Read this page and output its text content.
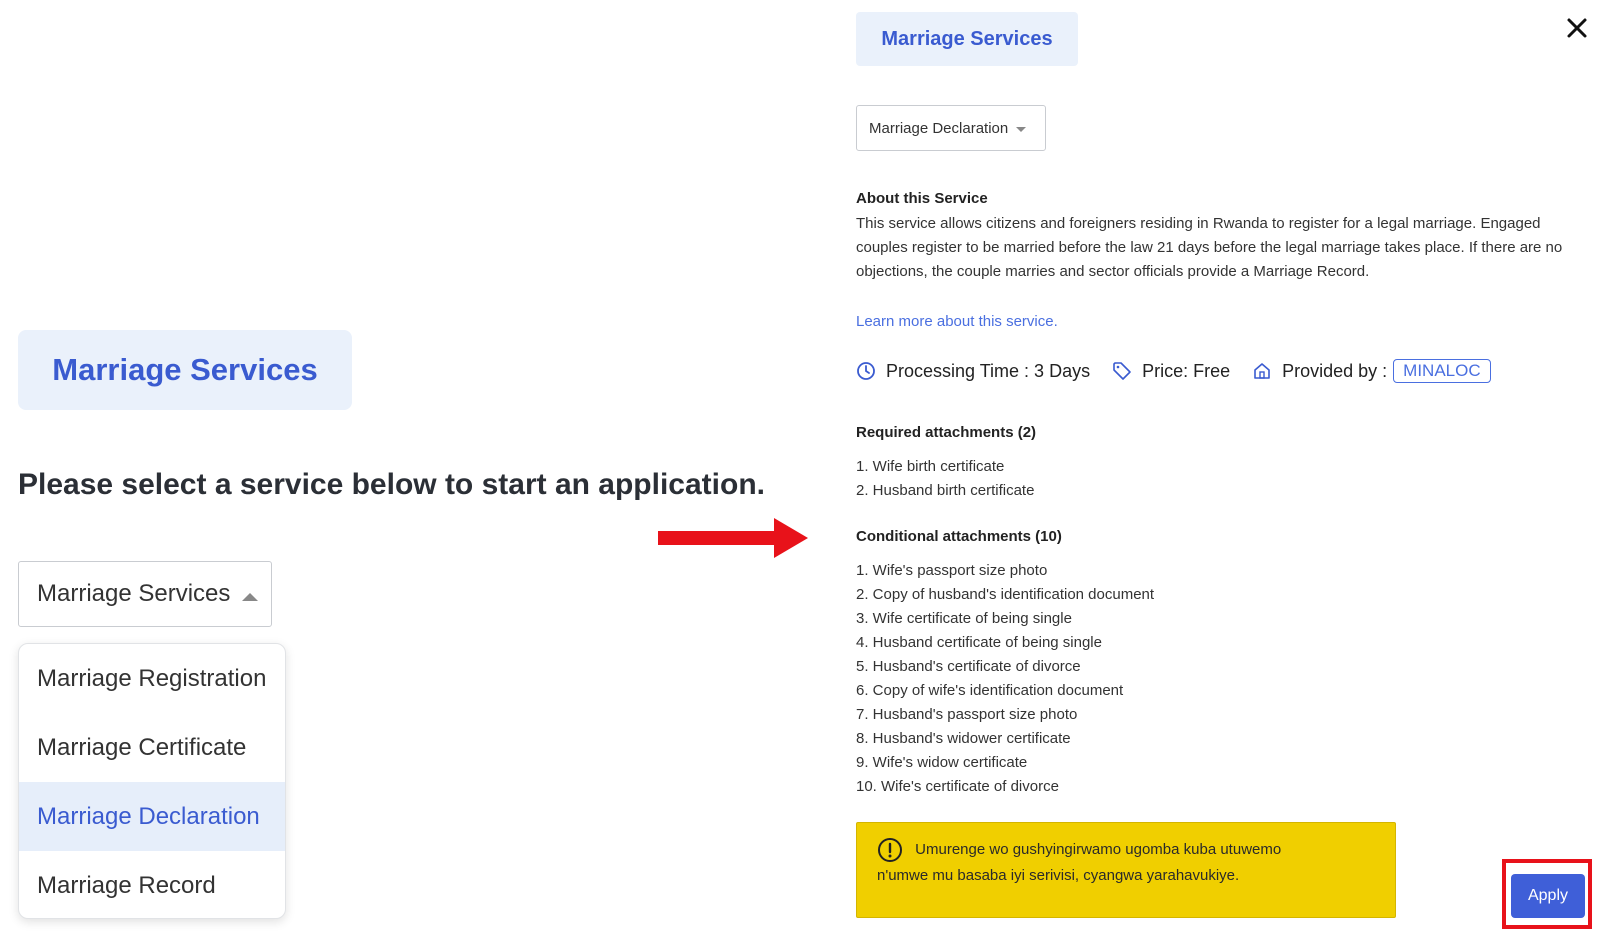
Marriage Services
Please select a service below to start an application.
Marriage Services
Marriage Registration
Marriage Certificate
Marriage Declaration
Marriage Record
Marriage Services
Marriage Declaration
About this Service
This service allows citizens and foreigners residing in Rwanda to register for a legal marriage. Engaged couples register to be married before the law 21 days before the legal marriage takes place. If there are no objections, the couple marries and sector officials provide a Marriage Record.
Learn more about this service.
Processing Time : 3 Days	Price: Free	Provided by : MINALOC
Required attachments (2)
1. Wife birth certificate
2. Husband birth certificate
Conditional attachments (10)
1. Wife's passport size photo
2. Copy of husband's identification document
3. Wife certificate of being single
4. Husband certificate of being single
5. Husband's certificate of divorce
6. Copy of wife's identification document
7. Husband's passport size photo
8. Husband's widower certificate
9. Wife's widow certificate
10. Wife's certificate of divorce
Umurenge wo gushyingirwamo ugomba kuba utuwemo
n'umwe mu basaba iyi serivisi, cyangwa yarahavukiye.
Apply
